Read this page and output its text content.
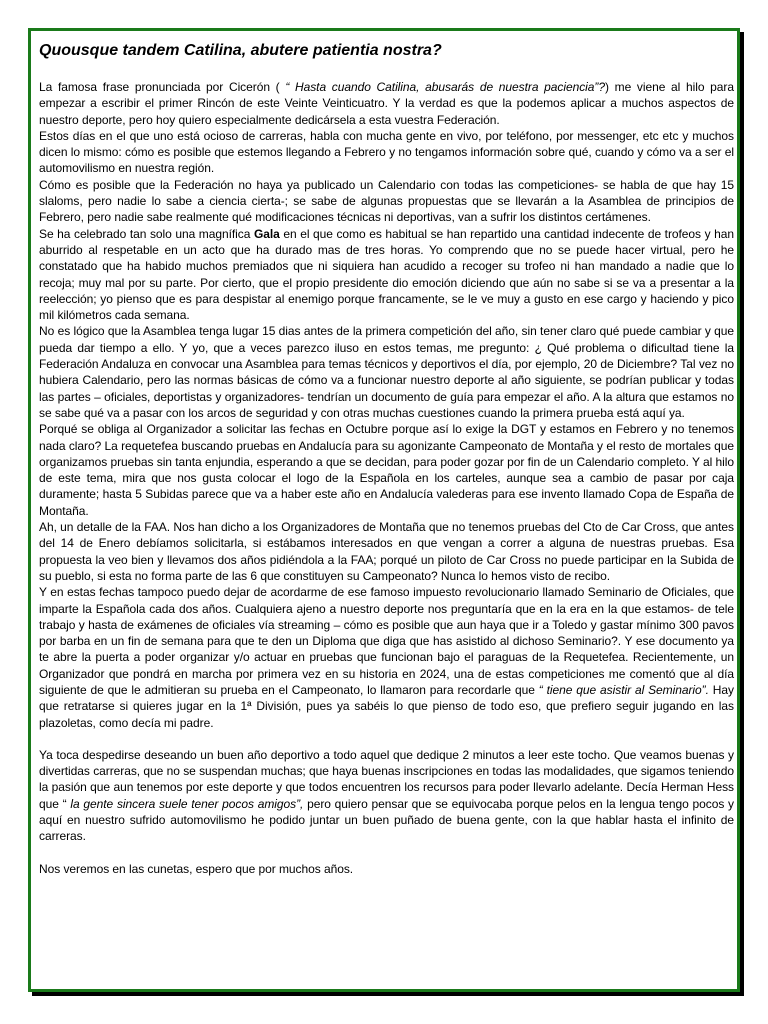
Quousque tandem Catilina, abutere patientia nostra?

La famosa frase pronunciada por Cicerón ( “ Hasta cuando Catilina, abusarás de nuestra paciencia”?) me viene al hilo para empezar a escribir el primer Rincón de este Veinte Veinticuatro. Y la verdad es que la podemos aplicar a muchos aspectos de nuestro deporte, pero hoy quiero especialmente dedicársela a esta vuestra Federación.

Estos días en el que uno está ocioso de carreras, habla con mucha gente en vivo, por teléfono, por messenger, etc etc y muchos dicen lo mismo: cómo es posible que estemos llegando a Febrero y no tengamos información sobre qué, cuando y cómo va a ser el automovilismo en nuestra región.

Cómo es posible que la Federación no haya ya publicado un Calendario con todas las competiciones- se habla de que hay 15 slaloms, pero nadie lo sabe a ciencia cierta-; se sabe de algunas propuestas que se llevarán a la Asamblea de principios de Febrero, pero nadie sabe realmente qué modificaciones técnicas ni deportivas, van a sufrir los distintos certámenes.

Se ha celebrado tan solo una magnífica Gala en el que como es habitual se han repartido una cantidad indecente de trofeos y han aburrido al respetable en un acto que ha durado mas de tres horas. Yo comprendo que no se puede hacer virtual, pero he constatado que ha habido muchos premiados que ni siquiera han acudido a recoger su trofeo ni han mandado a nadie que lo recoja; muy mal por su parte. Por cierto, que el propio presidente dio emoción diciendo que aún no sabe si se va a presentar a la reelección; yo pienso que es para despistar al enemigo porque francamente, se le ve muy a gusto en ese cargo y haciendo y pico mil kilómetros cada semana.

No es lógico que la Asamblea tenga lugar 15 dias antes de la primera competición del año, sin tener claro qué puede cambiar y que pueda dar tiempo a ello. Y yo, que a veces parezco iluso en estos temas, me pregunto: ¿ Qué problema o dificultad tiene la Federación Andaluza en convocar una Asamblea para temas técnicos y deportivos el día, por ejemplo, 20 de Diciembre? Tal vez no hubiera Calendario, pero las normas básicas de cómo va a funcionar nuestro deporte al año siguiente, se podrían publicar y todas las partes – oficiales, deportistas y organizadores- tendrían un documento de guía para empezar el año. A la altura que estamos no se sabe qué va a pasar con los arcos de seguridad y con otras muchas cuestiones cuando la primera prueba está aquí ya.

Porqué se obliga al Organizador a solicitar las fechas en Octubre porque así lo exige la DGT y estamos en Febrero y no tenemos nada claro? La requetefea buscando pruebas en Andalucía para su agonizante Campeonato de Montaña y el resto de mortales que organizamos pruebas sin tanta enjundia, esperando a que se decidan, para poder gozar por fin de un Calendario completo. Y al hilo de este tema, mira que nos gusta colocar el logo de la Española en los carteles, aunque sea a cambio de pasar por caja duramente; hasta 5 Subidas parece que va a haber este año en Andalucía valederas para ese invento llamado Copa de España de Montaña.

Ah, un detalle de la FAA. Nos han dicho a los Organizadores de Montaña que no tenemos pruebas del Cto de Car Cross, que antes del 14 de Enero debíamos solicitarla, si estábamos interesados en que vengan a correr a alguna de nuestras pruebas. Esa propuesta la veo bien y llevamos dos años pidiéndola a la FAA; porqué un piloto de Car Cross no puede participar en la Subida de su pueblo, si esta no forma parte de las 6 que constituyen su Campeonato? Nunca lo hemos visto de recibo.

Y en estas fechas tampoco puedo dejar de acordarme de ese famoso impuesto revolucionario llamado Seminario de Oficiales, que imparte la Española cada dos años. Cualquiera ajeno a nuestro deporte nos preguntaría que en la era en la que estamos- de tele trabajo y hasta de exámenes de oficiales vía streaming – cómo es posible que aun haya que ir a Toledo y gastar mínimo 300 pavos por barba en un fin de semana para que te den un Diploma que diga que has asistido al dichoso Seminario?. Y ese documento ya te abre la puerta a poder organizar y/o actuar en pruebas que funcionan bajo el paraguas de la Requetefea. Recientemente, un Organizador que pondrá en marcha por primera vez en su historia en 2024, una de estas competiciones me comentó que al día siguiente de que le admitieran su prueba en el Campeonato, lo llamaron para recordarle que “ tiene que asistir al Seminario”. Hay que retratarse si quieres jugar en la 1ª División, pues ya sabéis lo que pienso de todo eso, que prefiero seguir jugando en las plazoletas, como decía mi padre.

Ya toca despedirse deseando un buen año deportivo a todo aquel que dedique 2 minutos a leer este tocho. Que veamos buenas y divertidas carreras, que no se suspendan muchas; que haya buenas inscripciones en todas las modalidades, que sigamos teniendo la pasión que aun tenemos por este deporte y que todos encuentren los recursos para poder llevarlo adelante. Decía Herman Hess que “ la gente sincera suele tener pocos amigos”, pero quiero pensar que se equivocaba porque pelos en la lengua tengo pocos y aquí en nuestro sufrido automovilismo he podido juntar un buen puñado de buena gente, con la que hablar hasta el infinito de carreras.

Nos veremos en las cunetas, espero que por muchos años.
